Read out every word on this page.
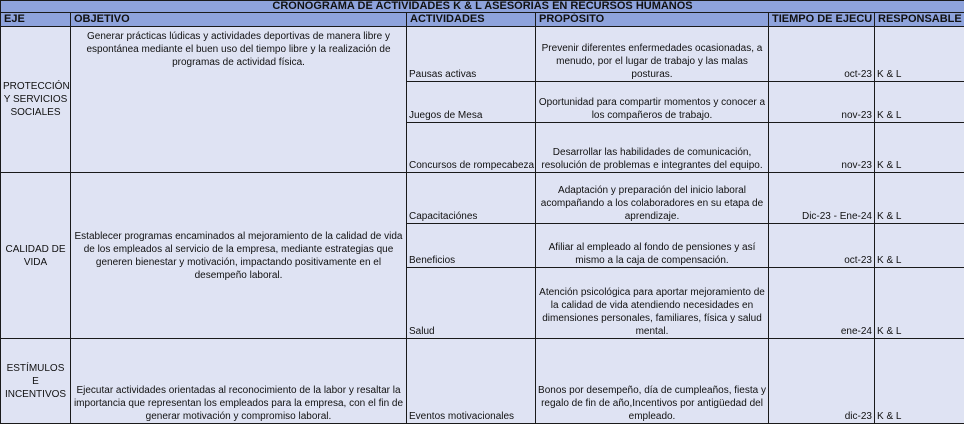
CRONOGRAMA DE ACTIVIDADES K & L ASESORIAS EN RECURSOS HUMANOS					
EJE	OBJETIVO	ACTIVIDADES	PROPÓSITO	TIEMPO DE EJECU	RESPONSABLE
PROTECCIÓN Y SERVICIOS SOCIALES	Generar prácticas lúdicas y actividades deportivas de manera libre y espontánea mediante el buen uso del tiempo libre y la realización de programas de actividad física.	Pausas activas	Prevenir diferentes enfermedades ocasionadas, a menudo, por el lugar de trabajo y las malas posturas.	oct-23	K & L
		Juegos de Mesa	Oportunidad para compartir momentos y conocer a los compañeros de trabajo.	nov-23	K & L
		Concursos de rompecabeza	Desarrollar las habilidades de comunicación, resolución de problemas e integrantes del equipo.	nov-23	K & L
CALIDAD DE VIDA	Establecer programas encaminados al mejoramiento de la calidad de vida de los empleados al servicio de la empresa, mediante estrategias que generen bienestar y motivación, impactando positivamente en el desempeño laboral.	Capacitaciónes	Adaptación y preparación del inicio laboral acompañando a los colaboradores en su etapa de aprendizaje.	Dic-23 - Ene-24	K & L
		Beneficios	Afiliar al empleado al fondo de pensiones y así mismo a la caja de compensación.	oct-23	K & L
		Salud	Atención psicológica para aportar mejoramiento de la calidad de vida atendiendo necesidades en dimensiones personales, familiares, física y salud mental.	ene-24	K & L
ESTÍMULOS E INCENTIVOS	Ejecutar actividades orientadas al reconocimiento de la labor y resaltar la importancia que representan los empleados para la empresa, con el fin de generar motivación y compromiso laboral.	Eventos motivacionales	Bonos por desempeño, día de cumpleaños, fiesta y regalo de fin de año,Incentivos por antigüedad del empleado.	dic-23	K & L
